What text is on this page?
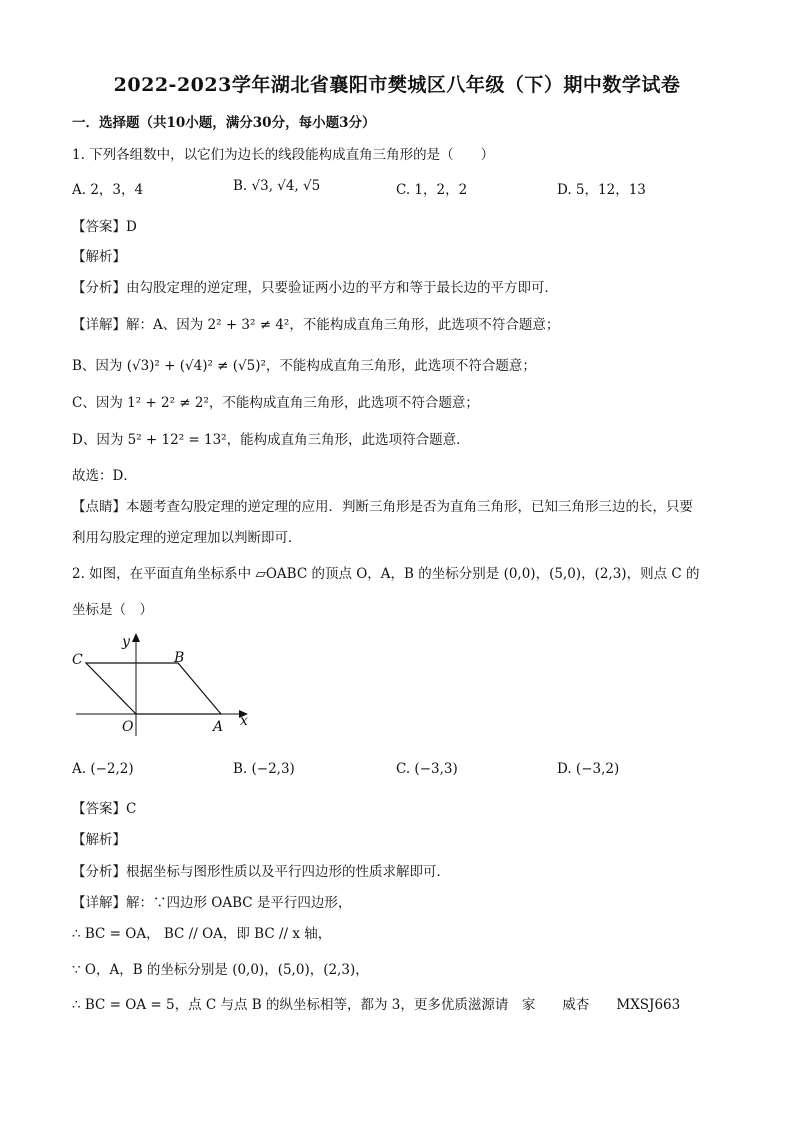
2022-2023学年湖北省襄阳市樊城区八年级（下）期中数学试卷
一．选择题（共10小题，满分30分，每小题3分）
1. 下列各组数中，以它们为边长的线段能构成直角三角形的是（　　）
A. 2，3，4	B. √3, √4, √5	C. 1，2，2	D. 5，12，13
【答案】D
【解析】
【分析】由勾股定理的逆定理，只要验证两小边的平方和等于最长边的平方即可．
【详解】解：A、因为 2² + 3² ≠ 4²，不能构成直角三角形，此选项不符合题意；
B、因为 (√3)² + (√4)² ≠ (√5)²，不能构成直角三角形，此选项不符合题意；
C、因为 1² + 2² ≠ 2²，不能构成直角三角形，此选项不符合题意；
D、因为 5² + 12² = 13²，能构成直角三角形，此选项符合题意．
故选：D．
【点睛】本题考查勾股定理的逆定理的应用．判断三角形是否为直角三角形，已知三角形三边的长，只要
利用勾股定理的逆定理加以判断即可．
2. 如图，在平面直角坐标系中 ▱OABC 的顶点 O，A，B 的坐标分别是 (0,0)，(5,0)，(2,3)，则点 C 的
坐标是（　）
C	B
O	A x
y
A. (−2,2)	B. (−2,3)	C. (−3,3)	D. (−3,2)
【答案】C
【解析】
【分析】根据坐标与图形性质以及平行四边形的性质求解即可．
【详解】解：∵四边形 OABC 是平行四边形，
∴ BC = OA， BC // OA，即 BC // x 轴，
∵ O，A，B 的坐标分别是 (0,0)，(5,0)，(2,3)，
∴ BC = OA = 5，点 C 与点 B 的纵坐标相等，都为 3，更多优质滋源请　家　　威杏　　MXSJ663
